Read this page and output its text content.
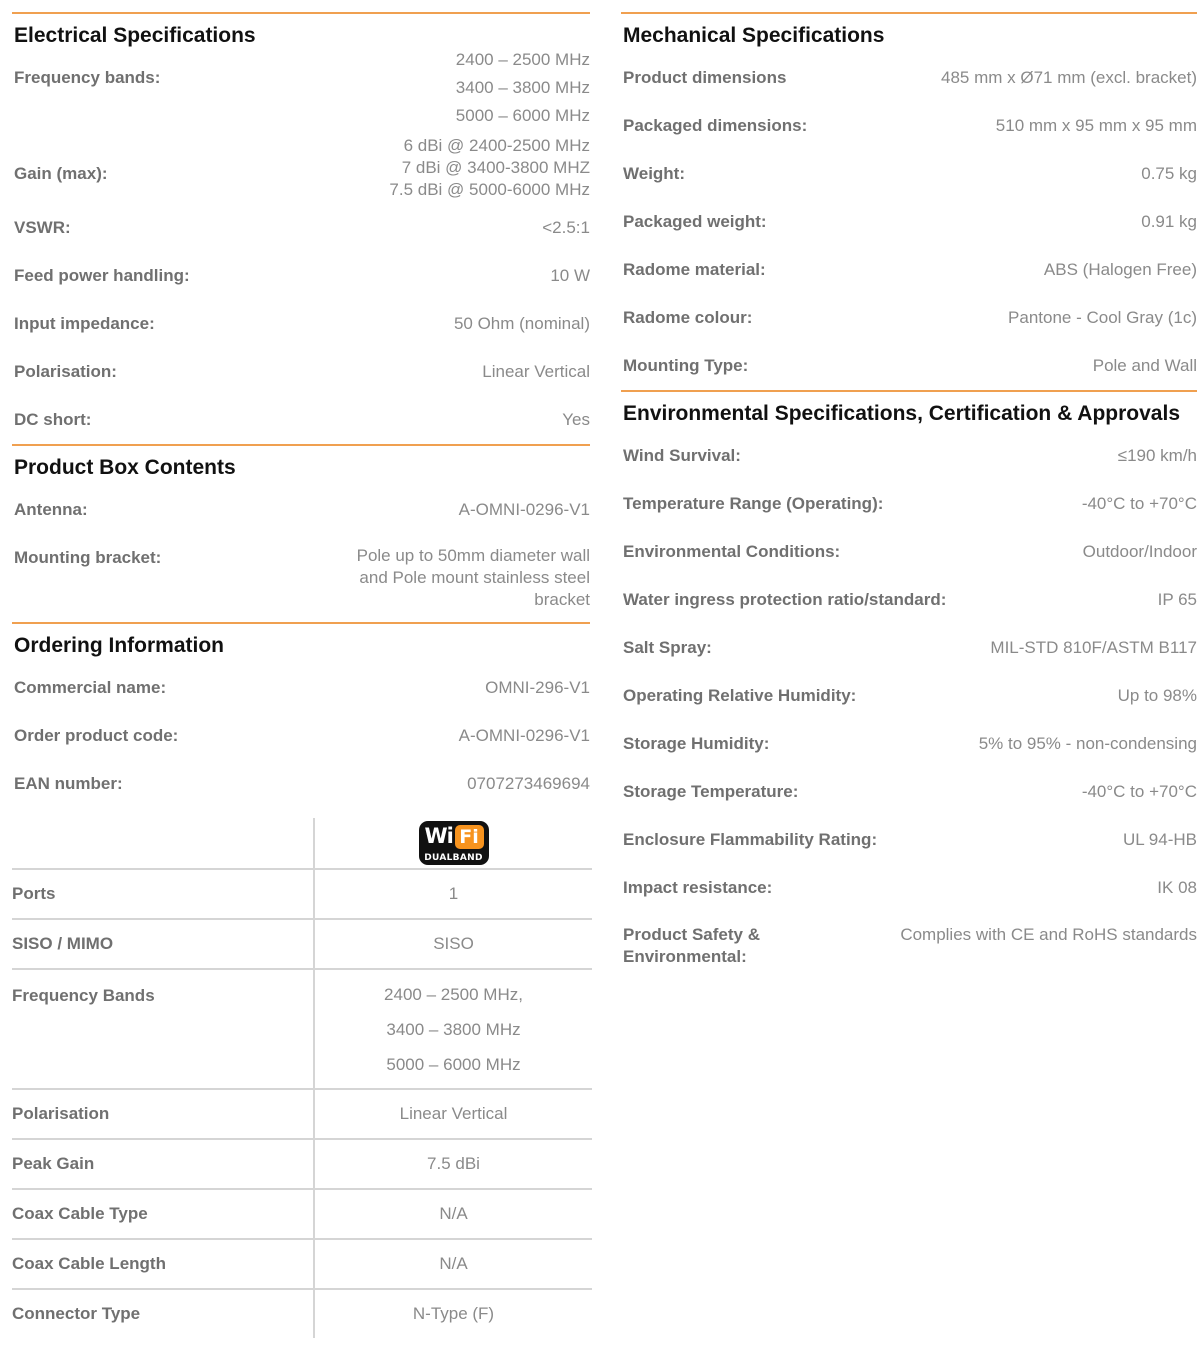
Electrical Specifications
Frequency bands:
2400 – 2500 MHz
3400 – 3800 MHz
5000 – 6000 MHz
Gain (max):
6 dBi @ 2400-2500 MHz
7 dBi @ 3400-3800 MHZ
7.5 dBi @ 5000-6000 MHz
VSWR:	<2.5:1
Feed power handling:	10 W
Input impedance:	50 Ohm (nominal)
Polarisation:	Linear Vertical
DC short:	Yes
Product Box Contents
Antenna:	A-OMNI-0296-V1
Mounting bracket:	Pole up to 50mm diameter wall
and Pole mount stainless steel
bracket
Ordering Information
Commercial name:	OMNI-296-V1
Order product code:	A-OMNI-0296-V1
EAN number:	0707273469694
Wi Fi
DUALBAND
Ports	1
SISO / MIMO	SISO
Frequency Bands	2400 – 2500 MHz,
3400 – 3800 MHz
5000 – 6000 MHz
Polarisation	Linear Vertical
Peak Gain	7.5 dBi
Coax Cable Type	N/A
Coax Cable Length	N/A
Connector Type	N-Type (F)
Mechanical Specifications
Product dimensions	485 mm x Ø71 mm (excl. bracket)
Packaged dimensions:	510 mm x 95 mm x 95 mm
Weight:	0.75 kg
Packaged weight:	0.91 kg
Radome material:	ABS (Halogen Free)
Radome colour:	Pantone - Cool Gray (1c)
Mounting Type:	Pole and Wall
Environmental Specifications, Certification & Approvals
Wind Survival:	≤190 km/h
Temperature Range (Operating):	-40°C to +70°C
Environmental Conditions:	Outdoor/Indoor
Water ingress protection ratio/standard:	IP 65
Salt Spray:	MIL-STD 810F/ASTM B117
Operating Relative Humidity:	Up to 98%
Storage Humidity:	5% to 95% - non-condensing
Storage Temperature:	-40°C to +70°C
Enclosure Flammability Rating:	UL 94-HB
Impact resistance:	IK 08
Product Safety &
Environmental:
Complies with CE and RoHS standards
